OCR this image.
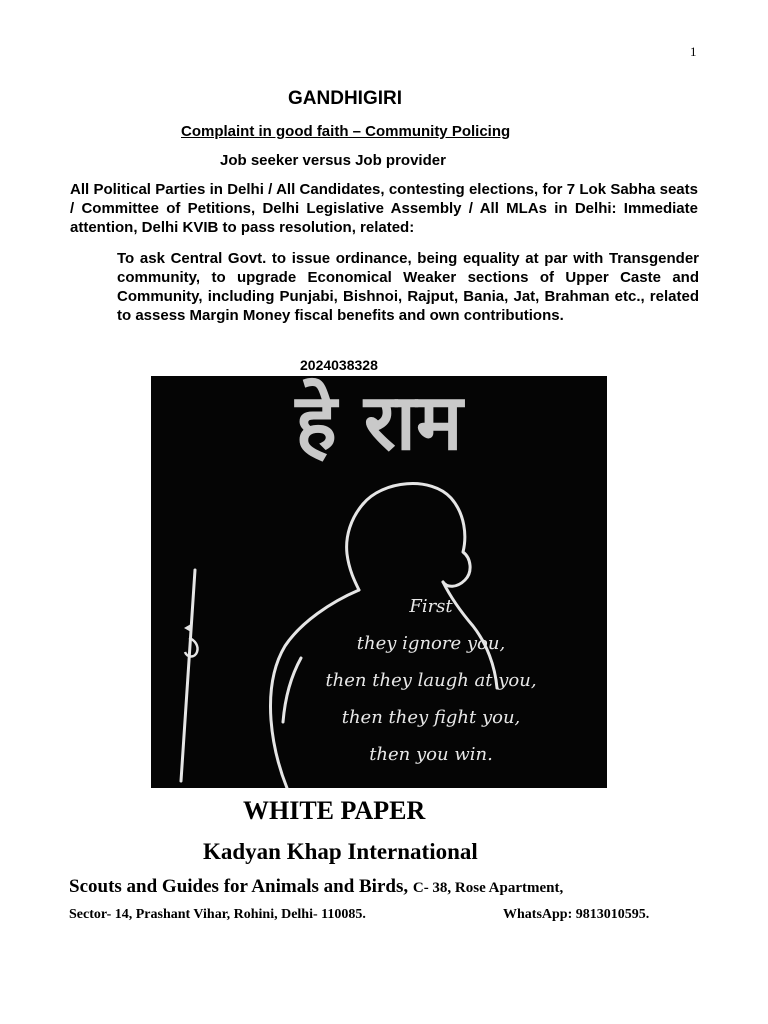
1
GANDHIGIRI
Complaint in good faith – Community Policing
Job seeker versus Job provider
All Political Parties in Delhi / All Candidates, contesting elections, for 7 Lok Sabha seats / Committee of Petitions, Delhi Legislative Assembly / All MLAs in Delhi: Immediate attention, Delhi KVIB to pass resolution, related:
To ask Central Govt. to issue ordinance, being equality at par with Transgender community, to upgrade Economical Weaker sections of Upper Caste and Community, including Punjabi, Bishnoi, Rajput, Bania, Jat, Brahman etc., related to assess Margin Money fiscal benefits and own contributions.
2024038328
हे राम
First
they ignore you,
then they laugh at you,
then they fight you,
then you win.
WHITE PAPER
Kadyan Khap International
Scouts and Guides for Animals and Birds, C- 38, Rose Apartment,
Sector- 14, Prashant Vihar, Rohini, Delhi- 110085.	WhatsApp: 9813010595.
